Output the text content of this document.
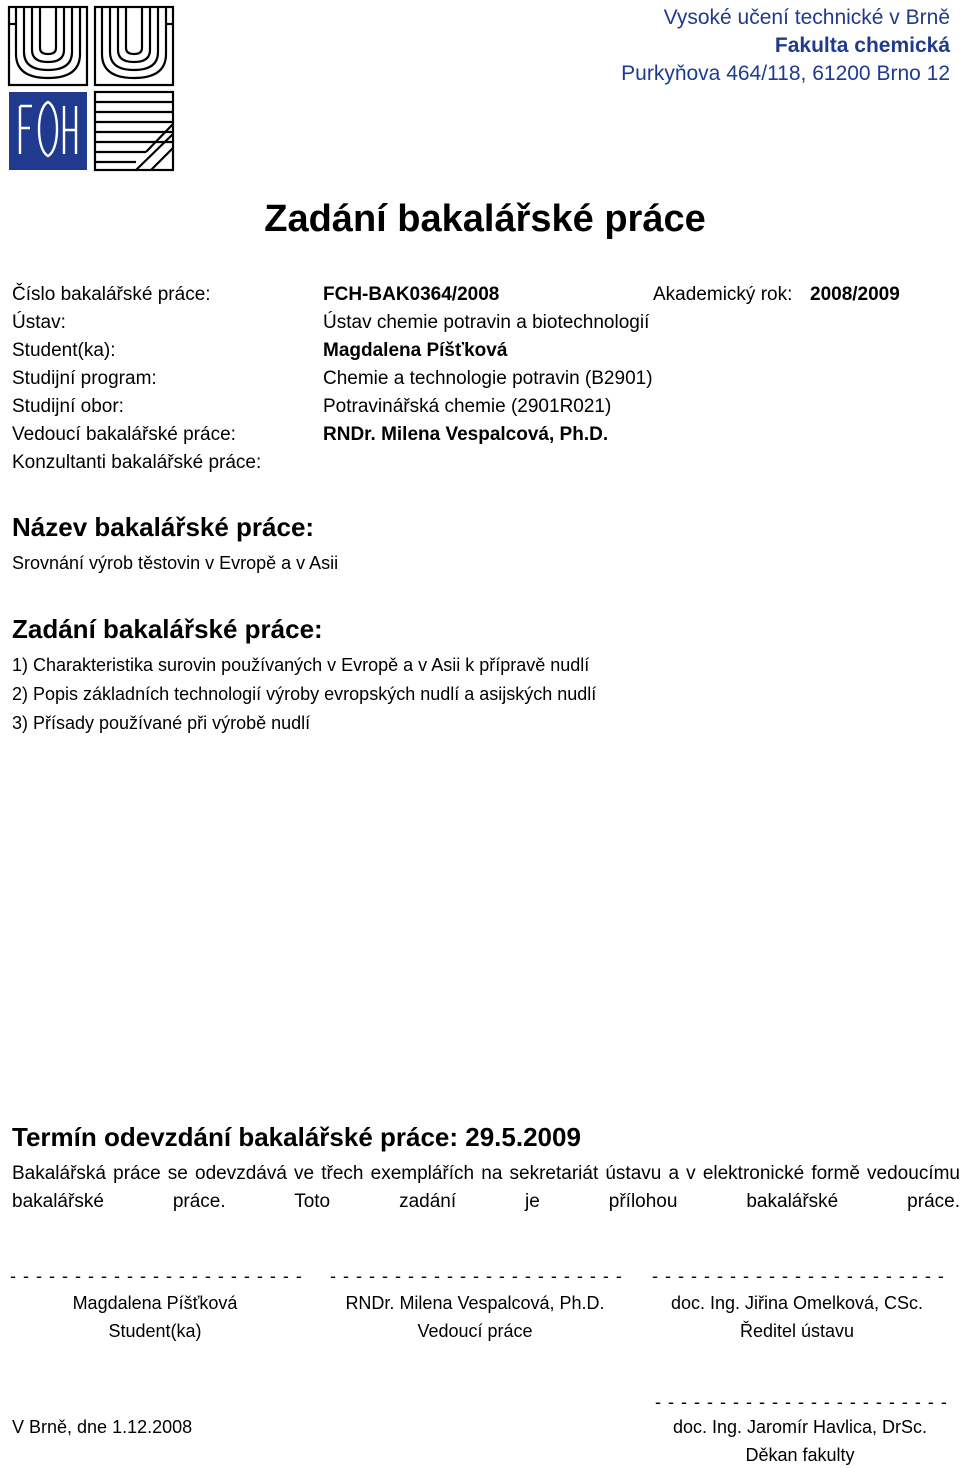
Vysoké učení technické v Brně
Fakulta chemická
Purkyňova 464/118, 61200 Brno 12
Zadání bakalářské práce
Číslo bakalářské práce:	FCH-BAK0364/2008	Akademický rok: 2008/2009
Ústav:	Ústav chemie potravin a biotechnologií
Student(ka):	Magdalena Píšťková
Studijní program:	Chemie a technologie potravin (B2901)
Studijní obor:	Potravinářská chemie (2901R021)
Vedoucí bakalářské práce:	RNDr. Milena Vespalcová, Ph.D.
Konzultanti bakalářské práce:
Název bakalářské práce:
Srovnání výrob těstovin v Evropě a v Asii
Zadání bakalářské práce:
1) Charakteristika surovin používaných v Evropě a v Asii k přípravě nudlí
2) Popis základních technologií výroby evropských nudlí a asijských nudlí
3) Přísady používané při výrobě nudlí
Termín odevzdání bakalářské práce: 29.5.2009
Bakalářská práce se odevzdává ve třech exemplářích na sekretariát ústavu a v elektronické formě vedoucímu bakalářské práce. Toto zadání je přílohou bakalářské práce.
- - - - - - - - - - - - - - - - - - - - - - - - - - - - - - - - - - - - - - - - - - - - - - - - - - - - - - - - - - - - - - - - - - - - -
Magdalena Píšťková	RNDr. Milena Vespalcová, Ph.D.	doc. Ing. Jiřina Omelková, CSc.
Student(ka)	Vedoucí práce	Ředitel ústavu
- - - - - - - - - - - - - - - - - - - - - - -
doc. Ing. Jaromír Havlica, DrSc.
Děkan fakulty
V Brně, dne 1.12.2008
